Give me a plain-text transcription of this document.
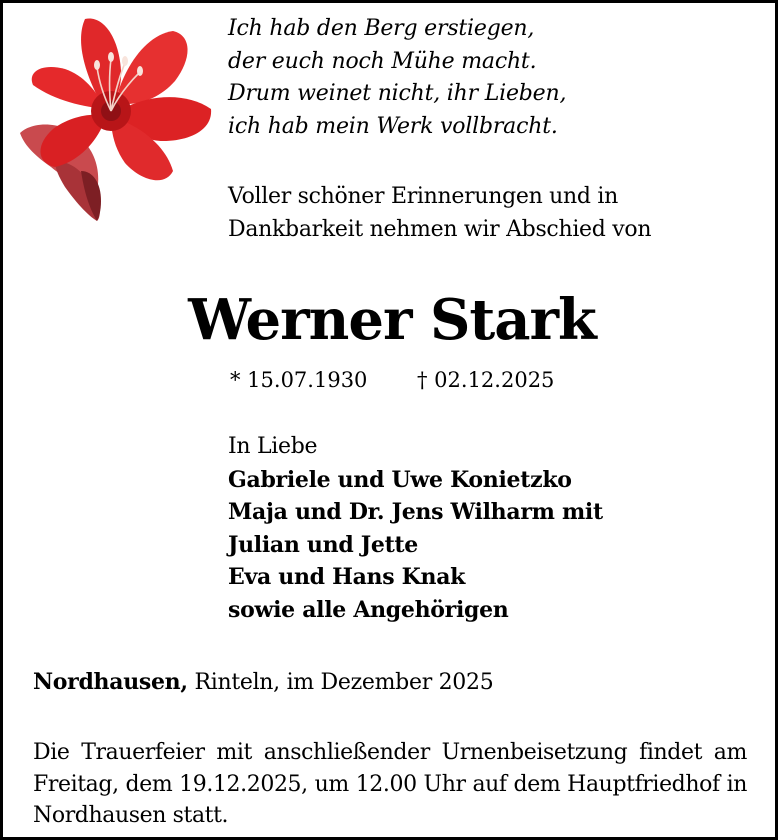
Ich hab den Berg erstiegen,
der euch noch Mühe macht.
Drum weinet nicht, ihr Lieben,
ich hab mein Werk vollbracht.
Voller schöner Erinnerungen und in
Dankbarkeit nehmen wir Abschied von
Werner Stark
* 15.07.1930 † 02.12.2025
In Liebe
Gabriele und Uwe Konietzko
Maja und Dr. Jens Wilharm mit
Julian und Jette
Eva und Hans Knak
sowie alle Angehörigen
Nordhausen, Rinteln, im Dezember 2025
Die Trauerfeier mit anschließender Urnenbeisetzung findet am Freitag, dem 19.12.2025, um 12.00 Uhr auf dem Hauptfriedhof in Nordhausen statt.
